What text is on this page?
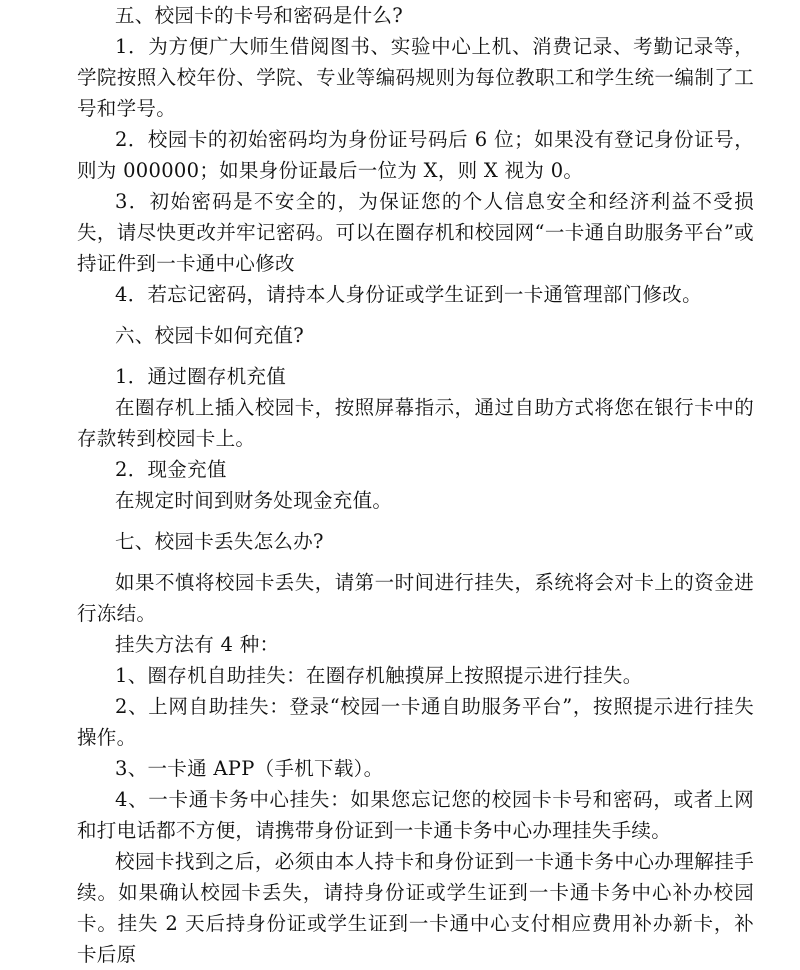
五、校园卡的卡号和密码是什么?

1．为方便广大师生借阅图书、实验中心上机、消费记录、考勤记录等，学院按照入校年份、学院、专业等编码规则为每位教职工和学生统一编制了工号和学号。

2．校园卡的初始密码均为身份证号码后 6 位；如果没有登记身份证号，则为 000000；如果身份证最后一位为 X，则 X 视为 0。

3．初始密码是不安全的，为保证您的个人信息安全和经济利益不受损失，请尽快更改并牢记密码。可以在圈存机和校园网“一卡通自助服务平台”或持证件到一卡通中心修改

4．若忘记密码，请持本人身份证或学生证到一卡通管理部门修改。

六、校园卡如何充值?

1．通过圈存机充值

在圈存机上插入校园卡，按照屏幕指示，通过自助方式将您在银行卡中的存款转到校园卡上。

2．现金充值

在规定时间到财务处现金充值。

七、校园卡丢失怎么办?

如果不慎将校园卡丢失，请第一时间进行挂失，系统将会对卡上的资金进行冻结。

挂失方法有 4 种：

1、圈存机自助挂失：在圈存机触摸屏上按照提示进行挂失。

2、上网自助挂失：登录“校园一卡通自助服务平台”，按照提示进行挂失操作。

3、一卡通 APP（手机下载）。

4、一卡通卡务中心挂失：如果您忘记您的校园卡卡号和密码，或者上网和打电话都不方便，请携带身份证到一卡通卡务中心办理挂失手续。

校园卡找到之后，必须由本人持卡和身份证到一卡通卡务中心办理解挂手续。如果确认校园卡丢失，请持身份证或学生证到一卡通卡务中心补办校园卡。挂失 2 天后持身份证或学生证到一卡通中心支付相应费用补办新卡，补卡后原
